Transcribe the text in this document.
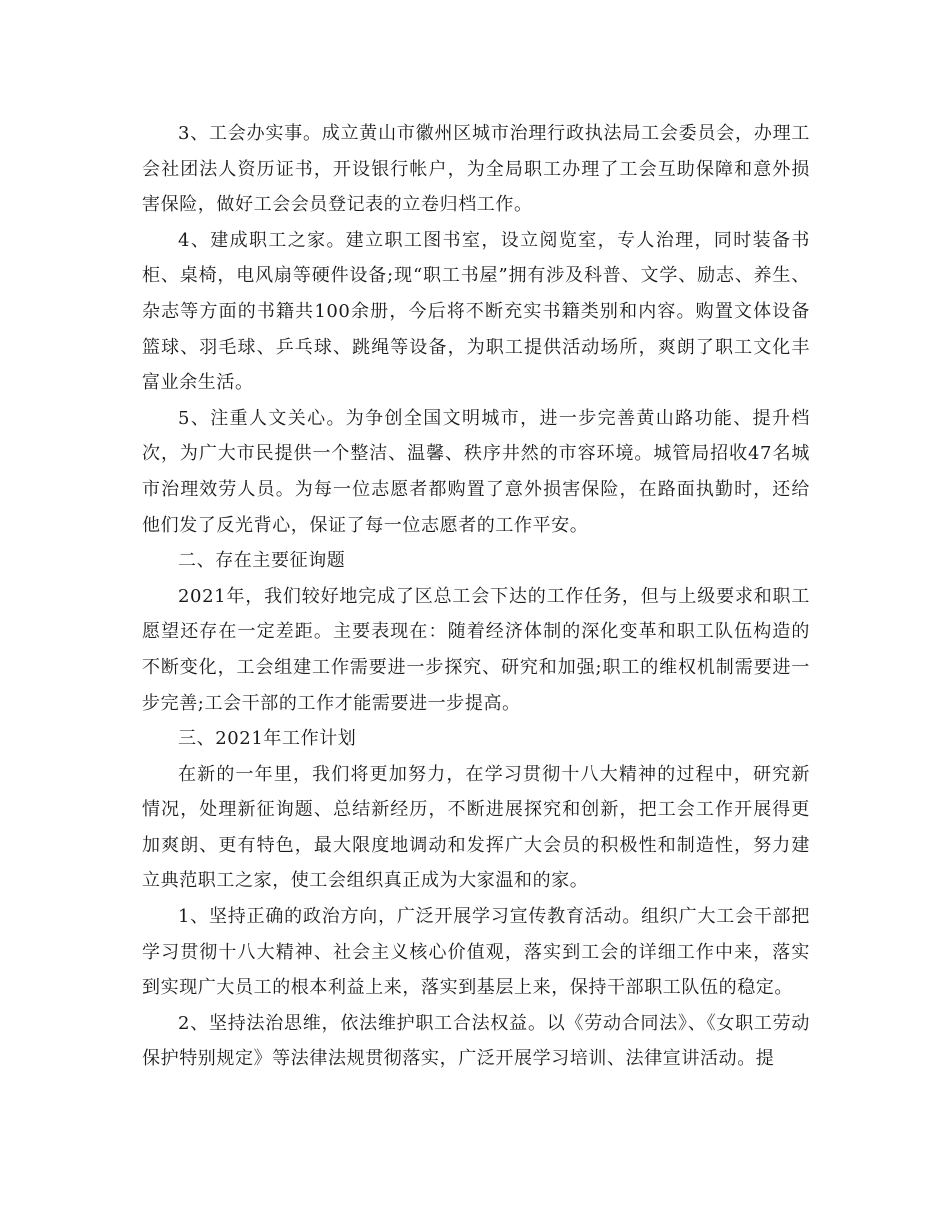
3、工会办实事。成立黄山市徽州区城市治理行政执法局工会委员会，办理工会社团法人资历证书，开设银行帐户，为全局职工办理了工会互助保障和意外损害保险，做好工会会员登记表的立卷归档工作。

4、建成职工之家。建立职工图书室，设立阅览室，专人治理，同时装备书柜、桌椅，电风扇等硬件设备;现“职工书屋”拥有涉及科普、文学、励志、养生、杂志等方面的书籍共100余册，今后将不断充实书籍类别和内容。购置文体设备篮球、羽毛球、乒乓球、跳绳等设备，为职工提供活动场所，爽朗了职工文化丰富业余生活。

5、注重人文关心。为争创全国文明城市，进一步完善黄山路功能、提升档次，为广大市民提供一个整洁、温馨、秩序井然的市容环境。城管局招收47名城市治理效劳人员。为每一位志愿者都购置了意外损害保险，在路面执勤时，还给他们发了反光背心，保证了每一位志愿者的工作平安。

二、存在主要征询题

2021年，我们较好地完成了区总工会下达的工作任务，但与上级要求和职工愿望还存在一定差距。主要表现在：随着经济体制的深化变革和职工队伍构造的不断变化，工会组建工作需要进一步探究、研究和加强;职工的维权机制需要进一步完善;工会干部的工作才能需要进一步提高。

三、2021年工作计划

在新的一年里，我们将更加努力，在学习贯彻十八大精神的过程中，研究新情况，处理新征询题、总结新经历，不断进展探究和创新，把工会工作开展得更加爽朗、更有特色，最大限度地调动和发挥广大会员的积极性和制造性，努力建立典范职工之家，使工会组织真正成为大家温和的家。

1、坚持正确的政治方向，广泛开展学习宣传教育活动。组织广大工会干部把学习贯彻十八大精神、社会主义核心价值观，落实到工会的详细工作中来，落实到实现广大员工的根本利益上来，落实到基层上来，保持干部职工队伍的稳定。

2、坚持法治思维，依法维护职工合法权益。以《劳动合同法》、《女职工劳动保护特别规定》等法律法规贯彻落实，广泛开展学习培训、法律宣讲活动。提
